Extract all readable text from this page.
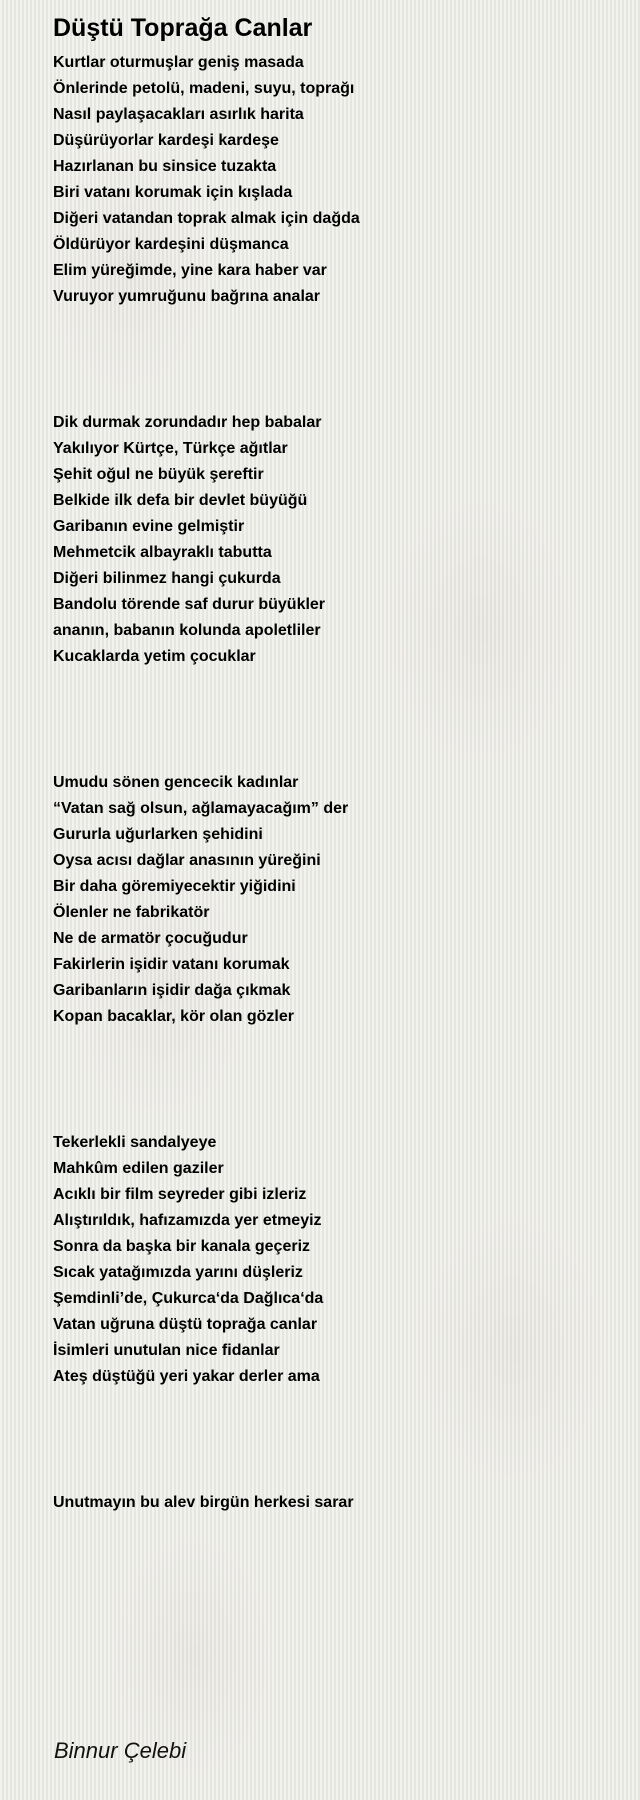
Düştü Toprağa Canlar
Kurtlar oturmuşlar geniş masada
Önlerinde petolü, madeni, suyu, toprağı
Nasıl paylaşacakları asırlık harita
Düşürüyorlar kardeşi kardeşe
Hazırlanan bu sinsice tuzakta
Biri vatanı korumak için kışlada
Diğeri vatandan toprak almak için dağda
Öldürüyor kardeşini düşmanca
Elim yüreğimde, yine kara haber var
Vuruyor yumruğunu bağrına analar
Dik durmak zorundadır hep babalar
Yakılıyor Kürtçe, Türkçe ağıtlar
Şehit oğul ne büyük şereftir
Belkide ilk defa bir devlet büyüğü
Garibanın evine gelmiştir
Mehmetcik albayraklı tabutta
Diğeri bilinmez hangi çukurda
Bandolu törende saf durur büyükler
ananın, babanın kolunda apoletliler
Kucaklarda yetim çocuklar
Umudu sönen gencecik kadınlar
“Vatan sağ olsun, ağlamayacağım” der
Gururla uğurlarken şehidini
Oysa acısı dağlar anasının yüreğini
Bir daha göremiyecektir yiğidini
Ölenler ne fabrikatör
Ne de armatör çocuğudur
Fakirlerin işidir vatanı korumak
Garibanların işidir dağa çıkmak
Kopan bacaklar, kör olan gözler
Tekerlekli sandalyeye
Mahkûm edilen gaziler
Acıklı bir film seyreder gibi izleriz
Alıştırıldık, hafızamızda yer etmeyiz
Sonra da başka bir kanala geçeriz
Sıcak yatağımızda yarını düşleriz
Şemdinli’de, Çukurca‘da Dağlıca‘da
Vatan uğruna düştü toprağa canlar
İsimleri unutulan nice fidanlar
Ateş düştüğü yeri yakar derler ama
Unutmayın bu alev birgün herkesi sarar
Binnur Çelebi
